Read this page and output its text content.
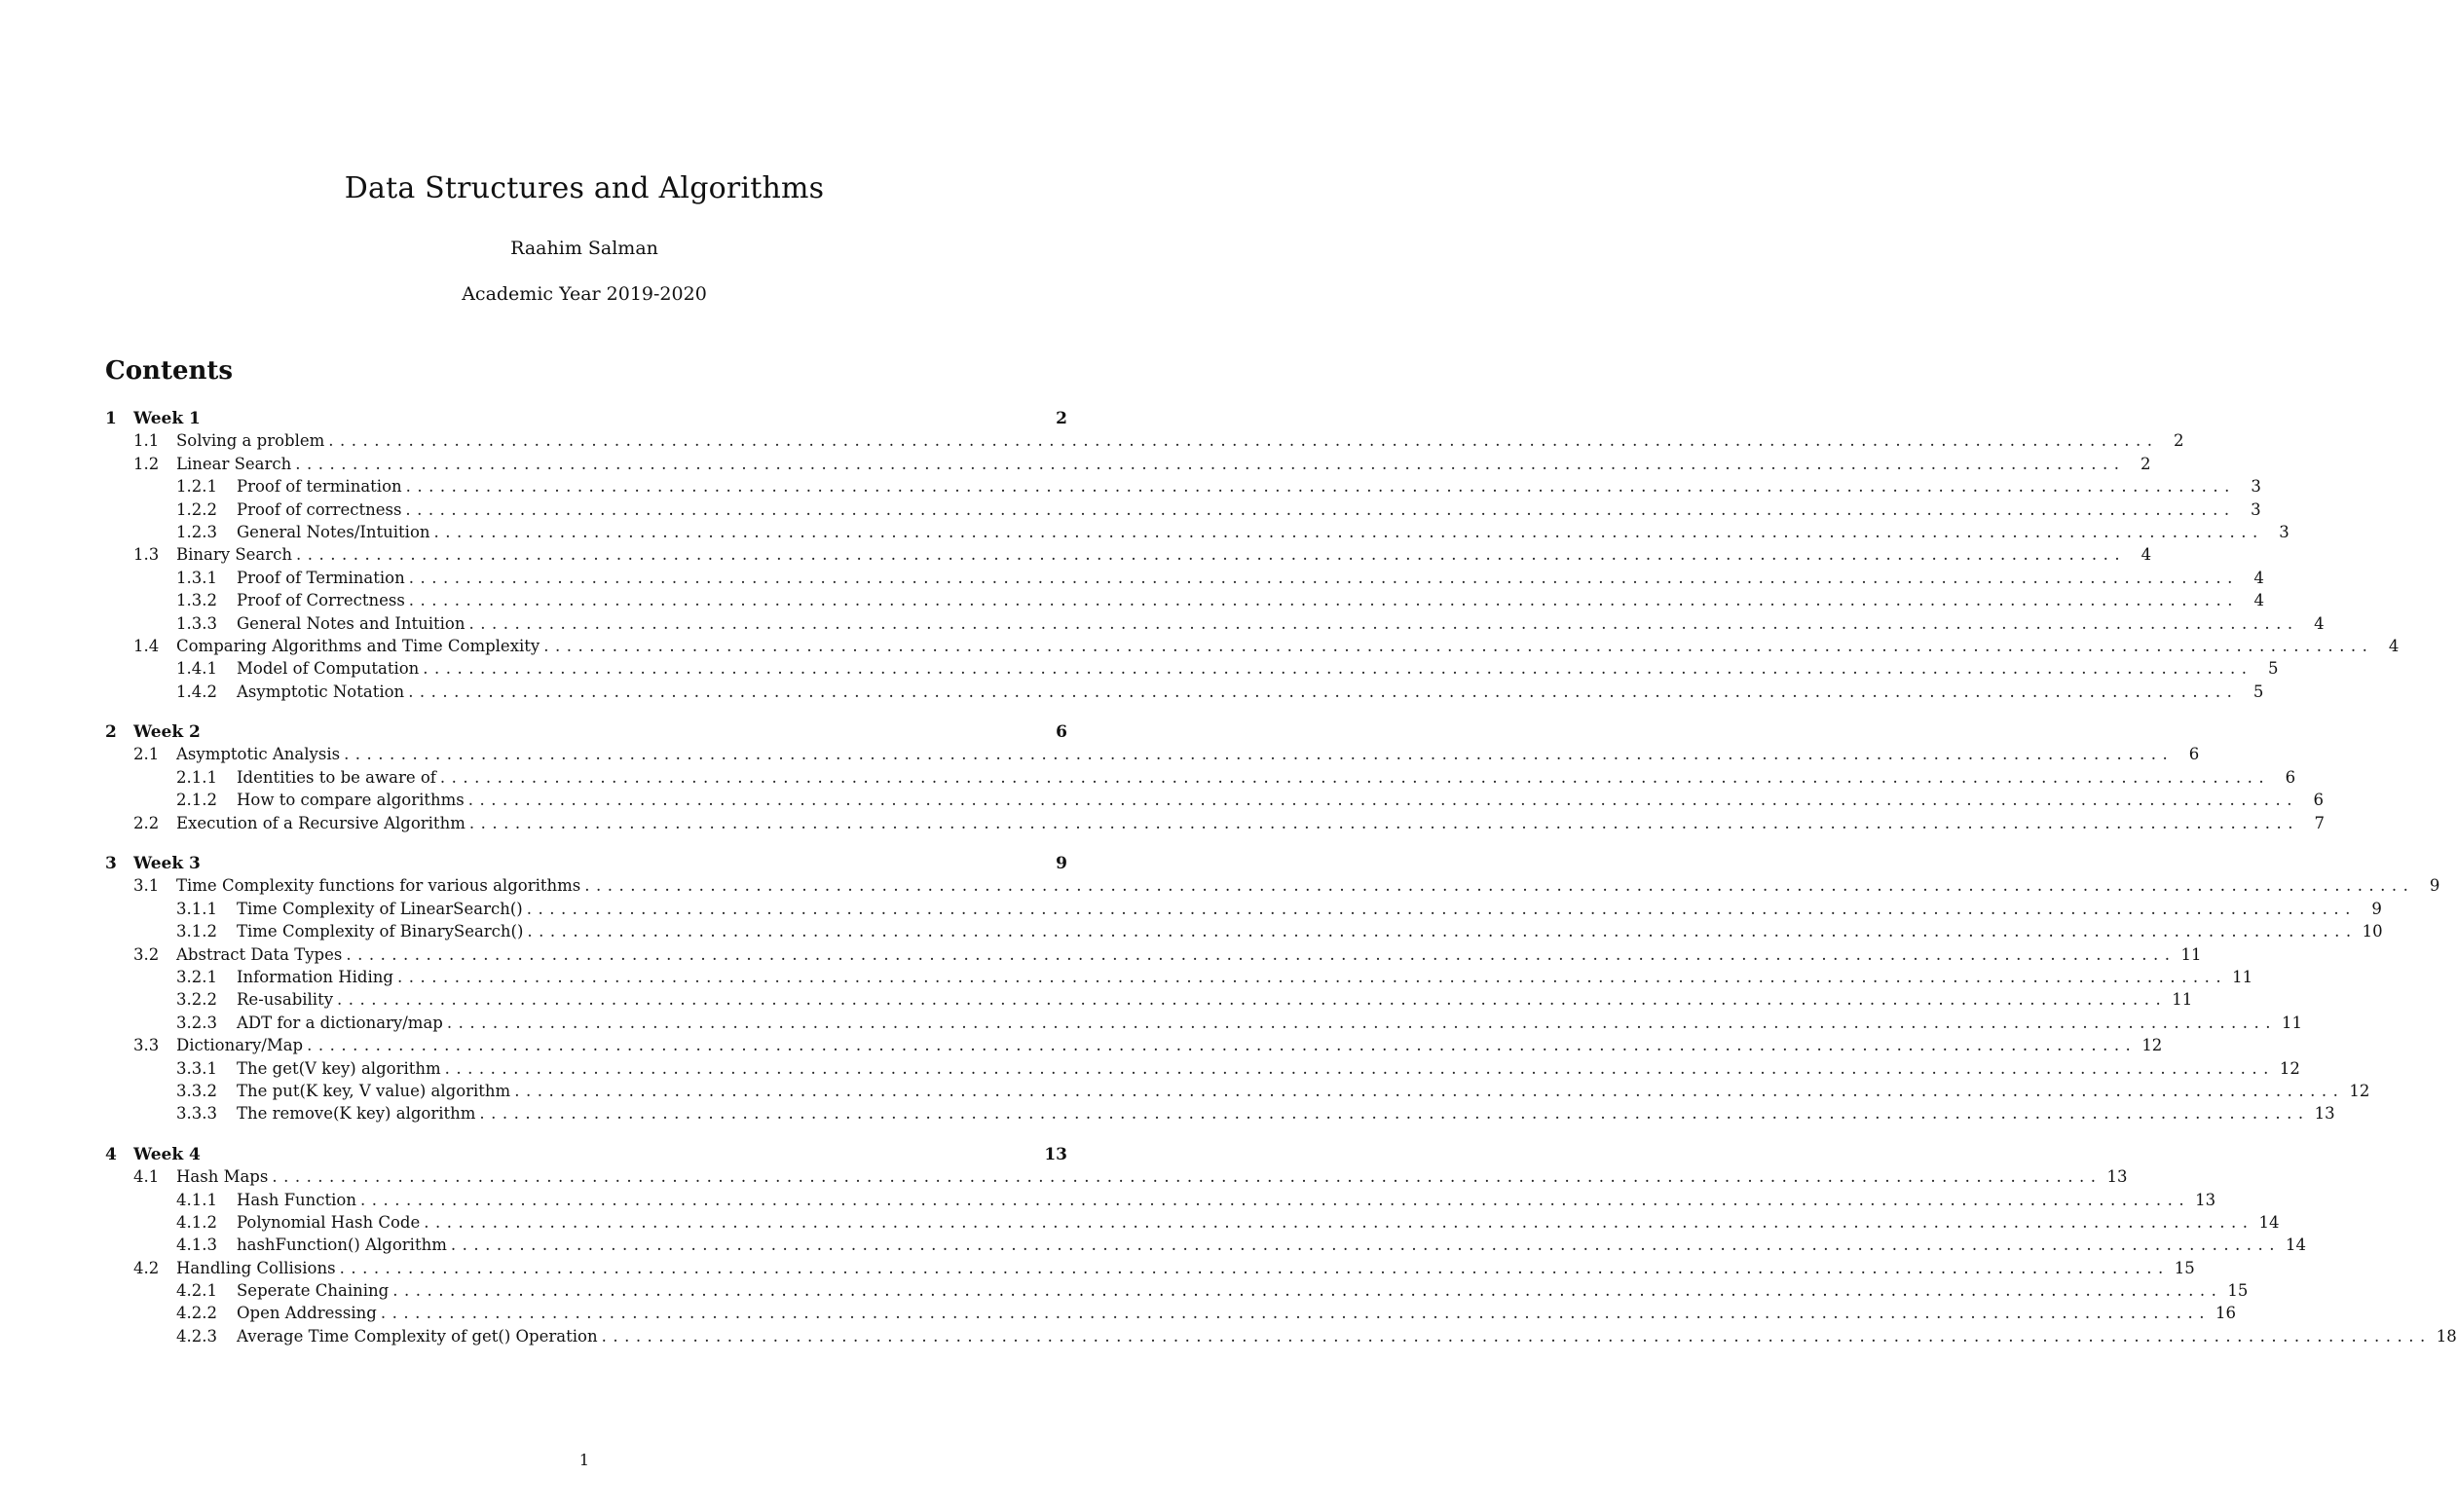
Data Structures and Algorithms
Raahim Salman
Academic Year 2019-2020
Contents
1	Week 1	2
1.1	Solving a problem ................................................................................................................................................................ 2
1.2	Linear Search ................................................................................................................................................................ 2
1.2.1	Proof of termination ................................................................................................................................................................ 3
1.2.2	Proof of correctness ................................................................................................................................................................ 3
1.2.3	General Notes/Intuition ................................................................................................................................................................ 3
1.3	Binary Search ................................................................................................................................................................ 4
1.3.1	Proof of Termination ................................................................................................................................................................ 4
1.3.2	Proof of Correctness ................................................................................................................................................................ 4
1.3.3	General Notes and Intuition ................................................................................................................................................................ 4
1.4	Comparing Algorithms and Time Complexity ................................................................................................................................................................ 4
1.4.1	Model of Computation ................................................................................................................................................................ 5
1.4.2	Asymptotic Notation ................................................................................................................................................................ 5
2	Week 2	6
2.1	Asymptotic Analysis ................................................................................................................................................................ 6
2.1.1	Identities to be aware of ................................................................................................................................................................ 6
2.1.2	How to compare algorithms ................................................................................................................................................................ 6
2.2	Execution of a Recursive Algorithm ................................................................................................................................................................ 7
3	Week 3	9
3.1	Time Complexity functions for various algorithms ................................................................................................................................................................ 9
3.1.1	Time Complexity of LinearSearch() ................................................................................................................................................................ 9
3.1.2	Time Complexity of BinarySearch() ................................................................................................................................................................ 10
3.2	Abstract Data Types ................................................................................................................................................................ 11
3.2.1	Information Hiding ................................................................................................................................................................ 11
3.2.2	Re-usability ................................................................................................................................................................ 11
3.2.3	ADT for a dictionary/map ................................................................................................................................................................ 11
3.3	Dictionary/Map ................................................................................................................................................................ 12
3.3.1	The get(V key) algorithm ................................................................................................................................................................ 12
3.3.2	The put(K key, V value) algorithm ................................................................................................................................................................ 12
3.3.3	The remove(K key) algorithm ................................................................................................................................................................ 13
4	Week 4	13
4.1	Hash Maps ................................................................................................................................................................ 13
4.1.1	Hash Function ................................................................................................................................................................ 13
4.1.2	Polynomial Hash Code ................................................................................................................................................................ 14
4.1.3	hashFunction() Algorithm ................................................................................................................................................................ 14
4.2	Handling Collisions ................................................................................................................................................................ 15
4.2.1	Seperate Chaining ................................................................................................................................................................ 15
4.2.2	Open Addressing ................................................................................................................................................................ 16
4.2.3	Average Time Complexity of get() Operation ................................................................................................................................................................ 18
1
